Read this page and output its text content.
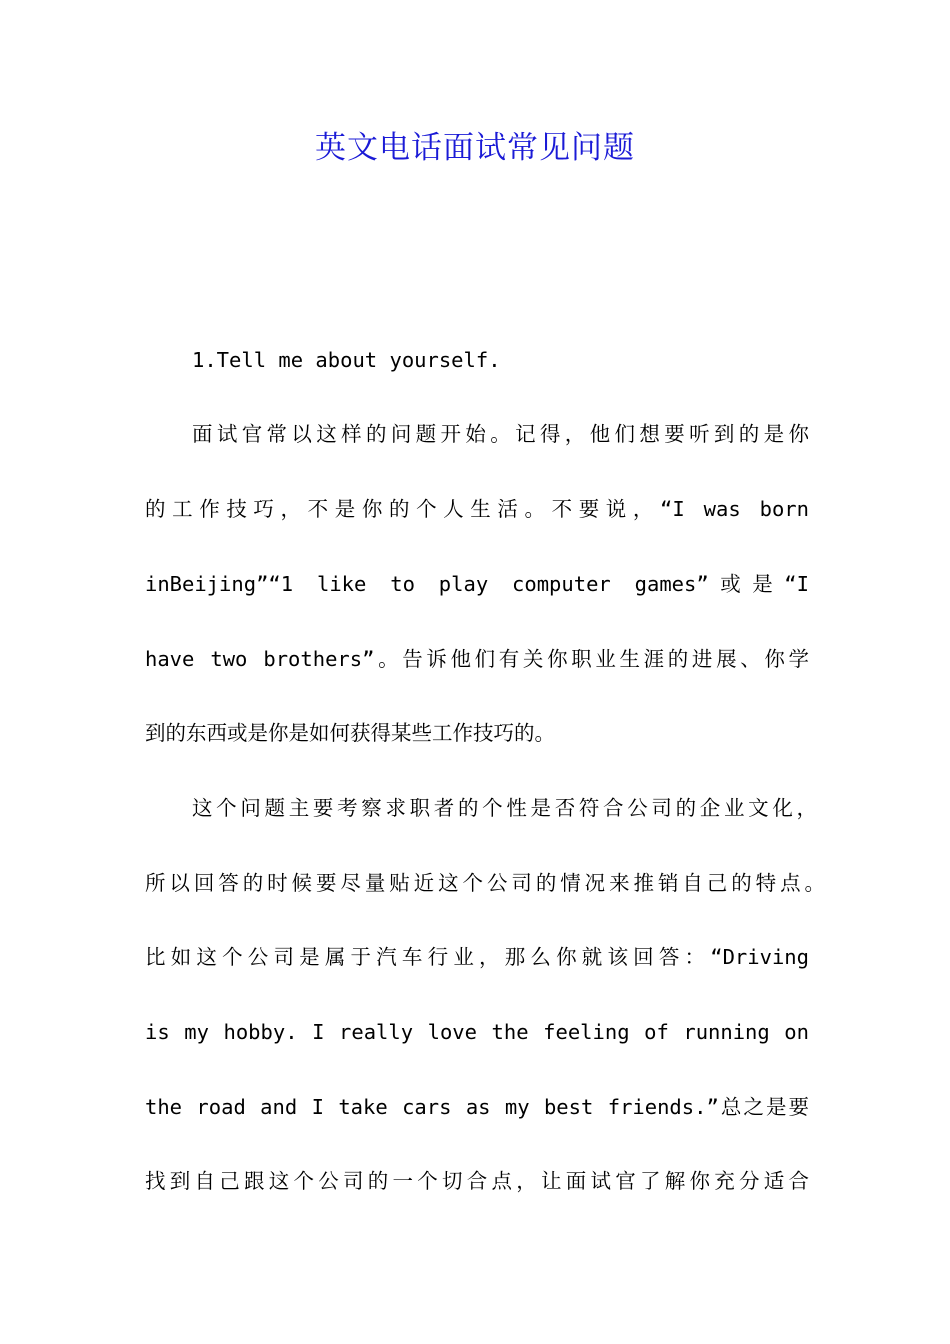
英文电话面试常见问题
1.Tell me about yourself.
面试官常以这样的问题开始。记得，他们想要听到的是你
的工作技巧，不是你的个人生活。不要说，“I was born
inBeijing”“1 like to play computer games”或是“I
have two brothers”。告诉他们有关你职业生涯的进展、你学
到的东西或是你是如何获得某些工作技巧的。
这个问题主要考察求职者的个性是否符合公司的企业文化，
所以回答的时候要尽量贴近这个公司的情况来推销自己的特点。
比如这个公司是属于汽车行业，那么你就该回答：“Driving
is my hobby. I really love the feeling of running on
the road and I take cars as my best friends.”总之是要
找到自己跟这个公司的一个切合点，让面试官了解你充分适合
